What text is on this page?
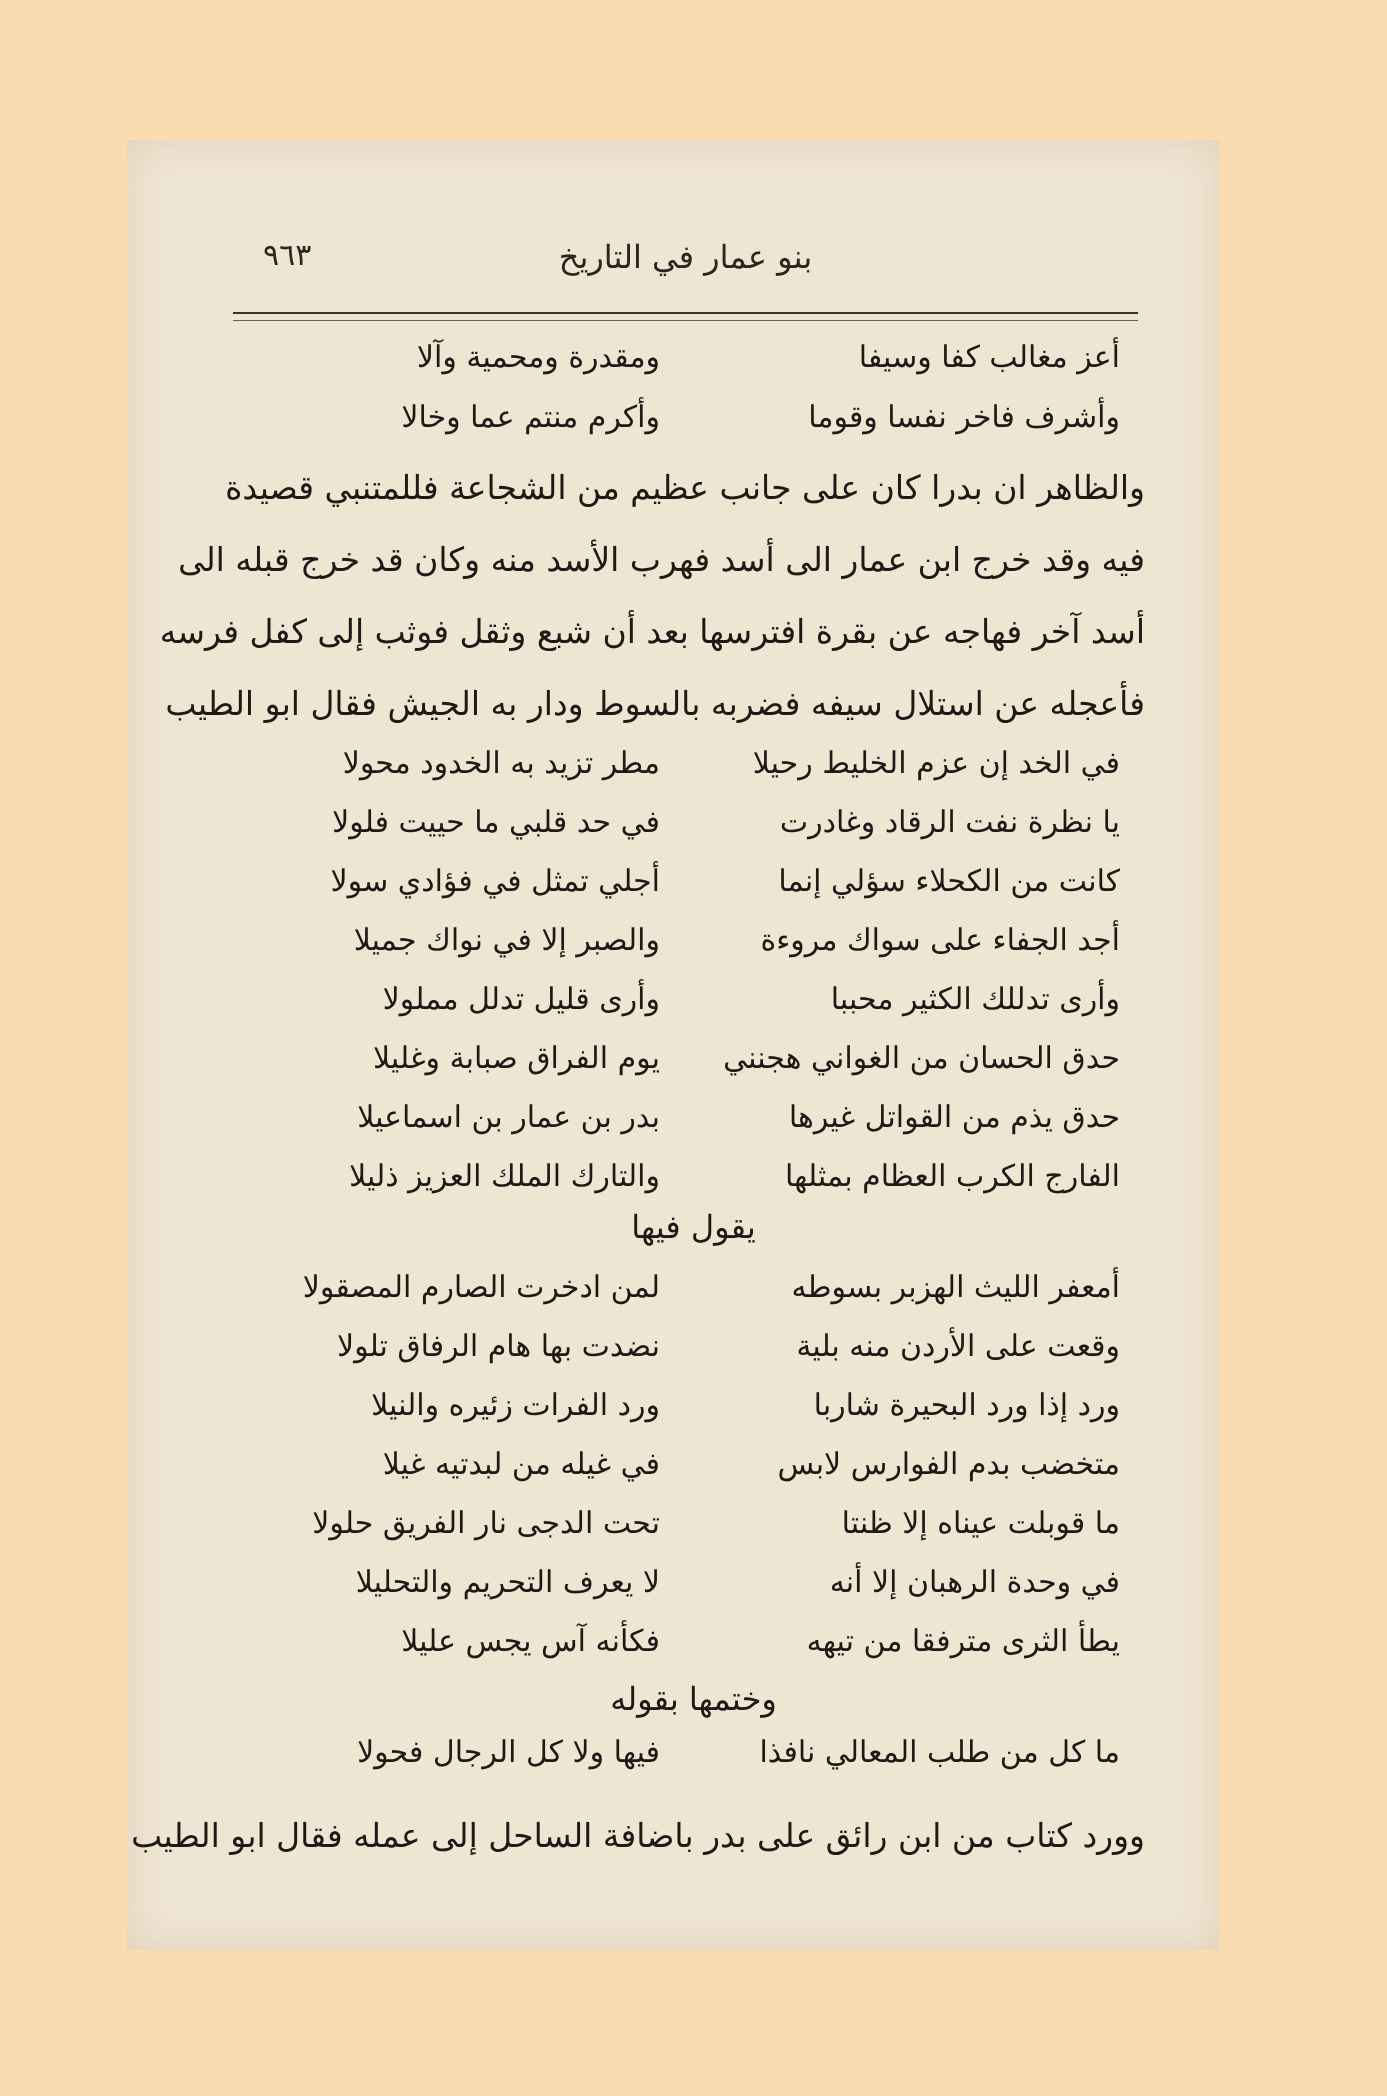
٩٦٣	بنو عمار في التاريخ
أعز مغالب كفا وسيفا
ومقدرة ومحمية وآلا
وأشرف فاخر نفسا وقوما
وأكرم منتم عما وخالا

والظاهر ان بدرا كان على جانب عظيم من الشجاعة فللمتنبي قصيدة

فيه وقد خرج ابن عمار الى أسد فهرب الأسد منه وكان قد خرج قبله الى

أسد آخر فهاجه عن بقرة افترسها بعد أن شبع وثقل فوثب إلى كفل فرسه

فأعجله عن استلال سيفه فضربه بالسوط ودار به الجيش فقال ابو الطيب

في الخد إن عزم الخليط رحيلا
مطر تزيد به الخدود محولا
يا نظرة نفت الرقاد وغادرت
في حد قلبي ما حييت فلولا
كانت من الكحلاء سؤلي إنما
أجلي تمثل في فؤادي سولا
أجد الجفاء على سواك مروءة
والصبر إلا في نواك جميلا
وأرى تدللك الكثير محببا
وأرى قليل تدلل مملولا
حدق الحسان من الغواني هجنني
يوم الفراق صبابة وغليلا
حدق يذم من القواتل غيرها
بدر بن عمار بن اسماعيلا
الفارج الكرب العظام بمثلها
والتارك الملك العزيز ذليلا
يقول فيها
أمعفر الليث الهزبر بسوطه
لمن ادخرت الصارم المصقولا
وقعت على الأردن منه بلية
نضدت بها هام الرفاق تلولا
ورد إذا ورد البحيرة شاربا
ورد الفرات زئيره والنيلا
متخضب بدم الفوارس لابس
في غيله من لبدتيه غيلا
ما قوبلت عيناه إلا ظنتا
تحت الدجى نار الفريق حلولا
في وحدة الرهبان إلا أنه
لا يعرف التحريم والتحليلا
يطأ الثرى مترفقا من تيهه
فكأنه آس يجس عليلا
وختمها بقوله
ما كل من طلب المعالي نافذا
فيها ولا كل الرجال فحولا

وورد كتاب من ابن رائق على بدر باضافة الساحل إلى عمله فقال ابو الطيب
